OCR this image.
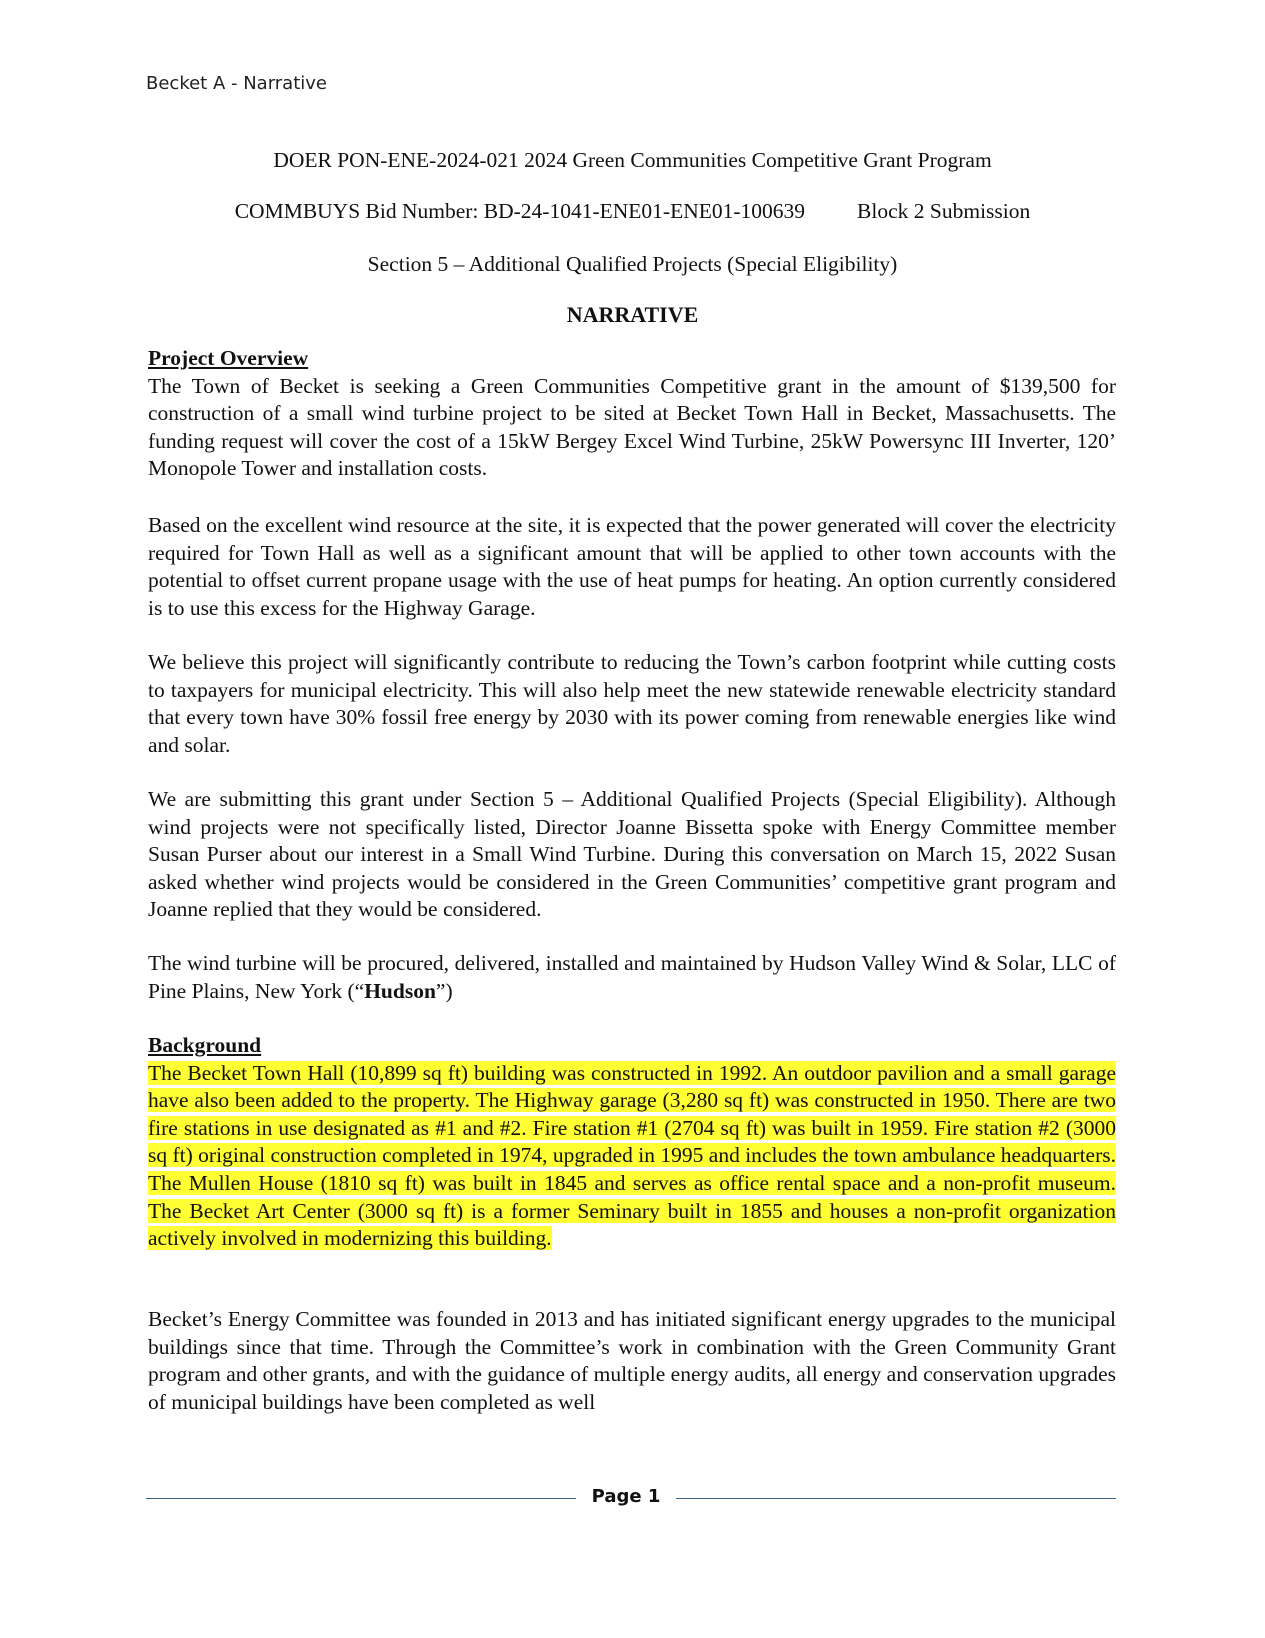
Becket A - Narrative
DOER PON-ENE-2024-021 2024 Green Communities Competitive Grant Program
COMMBUYS Bid Number: BD-24-1041-ENE01-ENE01-100639 Block 2 Submission
Section 5 – Additional Qualified Projects (Special Eligibility)
NARRATIVE
Project Overview

The Town of Becket is seeking a Green Communities Competitive grant in the amount of $139,500 for construction of a small wind turbine project to be sited at Becket Town Hall in Becket, Massachusetts. The funding request will cover the cost of a 15kW Bergey Excel Wind Turbine, 25kW Powersync III Inverter, 120’ Monopole Tower and installation costs.

Based on the excellent wind resource at the site, it is expected that the power generated will cover the electricity required for Town Hall as well as a significant amount that will be applied to other town accounts with the potential to offset current propane usage with the use of heat pumps for heating. An option currently considered is to use this excess for the Highway Garage.

We believe this project will significantly contribute to reducing the Town’s carbon footprint while cutting costs to taxpayers for municipal electricity. This will also help meet the new statewide renewable electricity standard that every town have 30% fossil free energy by 2030 with its power coming from renewable energies like wind and solar.

We are submitting this grant under Section 5 – Additional Qualified Projects (Special Eligibility). Although wind projects were not specifically listed, Director Joanne Bissetta spoke with Energy Committee member Susan Purser about our interest in a Small Wind Turbine. During this conversation on March 15, 2022 Susan asked whether wind projects would be considered in the Green Communities’ competitive grant program and Joanne replied that they would be considered.

The wind turbine will be procured, delivered, installed and maintained by Hudson Valley Wind & Solar, LLC of Pine Plains, New York (“Hudson”)

Background

The Becket Town Hall (10,899 sq ft) building was constructed in 1992. An outdoor pavilion and a small garage have also been added to the property. The Highway garage (3,280 sq ft) was constructed in 1950. There are two fire stations in use designated as #1 and #2. Fire station #1 (2704 sq ft) was built in 1959. Fire station #2 (3000 sq ft) original construction completed in 1974, upgraded in 1995 and includes the town ambulance headquarters. The Mullen House (1810 sq ft) was built in 1845 and serves as office rental space and a non-profit museum. The Becket Art Center (3000 sq ft) is a former Seminary built in 1855 and houses a non-profit organization actively involved in modernizing this building.

Becket’s Energy Committee was founded in 2013 and has initiated significant energy upgrades to the municipal buildings since that time. Through the Committee’s work in combination with the Green Community Grant program and other grants, and with the guidance of multiple energy audits, all energy and conservation upgrades of municipal buildings have been completed as well

Page 1
